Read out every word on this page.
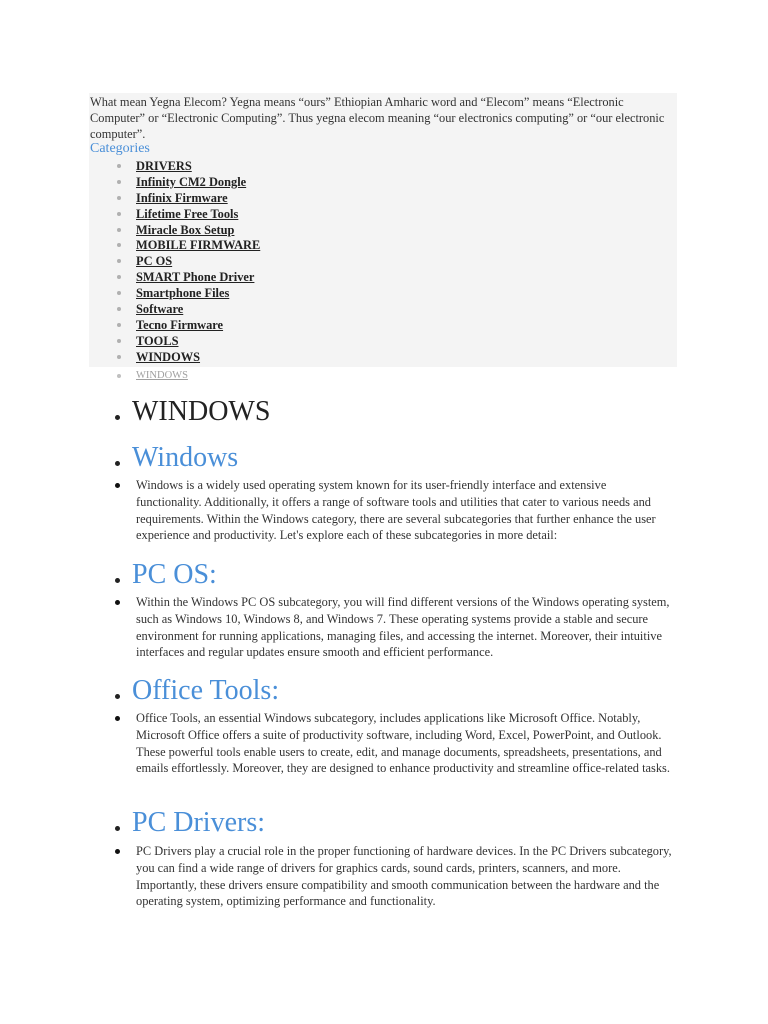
What mean Yegna Elecom? Yegna means “ours” Ethiopian Amharic word and “Elecom” means “Electronic Computer” or “Electronic Computing”. Thus yegna elecom meaning “our electronics computing” or “our electronic computer”.
Categories
DRIVERS
Infinity CM2 Dongle
Infinix Firmware
Lifetime Free Tools
Miracle Box Setup
MOBILE FIRMWARE
PC OS
SMART Phone Driver
Smartphone Files
Software
Tecno Firmware
TOOLS
WINDOWS
WINDOWS
WINDOWS
Windows
Windows is a widely used operating system known for its user-friendly interface and extensive functionality. Additionally, it offers a range of software tools and utilities that cater to various needs and requirements. Within the Windows category, there are several subcategories that further enhance the user experience and productivity. Let's explore each of these subcategories in more detail:
PC OS:
Within the Windows PC OS subcategory, you will find different versions of the Windows operating system, such as Windows 10, Windows 8, and Windows 7. These operating systems provide a stable and secure environment for running applications, managing files, and accessing the internet. Moreover, their intuitive interfaces and regular updates ensure smooth and efficient performance.
Office Tools:
Office Tools, an essential Windows subcategory, includes applications like Microsoft Office. Notably, Microsoft Office offers a suite of productivity software, including Word, Excel, PowerPoint, and Outlook. These powerful tools enable users to create, edit, and manage documents, spreadsheets, presentations, and emails effortlessly. Moreover, they are designed to enhance productivity and streamline office-related tasks.
PC Drivers:
PC Drivers play a crucial role in the proper functioning of hardware devices. In the PC Drivers subcategory, you can find a wide range of drivers for graphics cards, sound cards, printers, scanners, and more. Importantly, these drivers ensure compatibility and smooth communication between the hardware and the operating system, optimizing performance and functionality.
